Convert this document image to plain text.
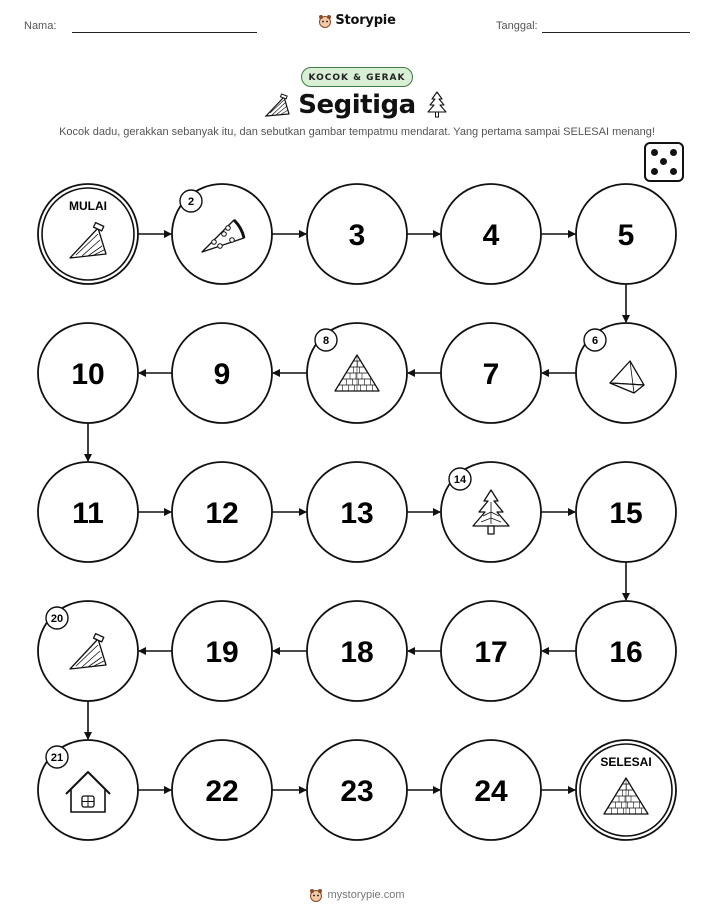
Nama:	Storypie	Tanggal:
KOCOK & GERAK
Segitiga
Kocok dadu, gerakkan sebanyak itu, dan sebutkan gambar tempatmu mendarat. Yang pertama sampai SELESAI menang!
MULAI	2
3	4	5
6
7
8
9
10
11	12	13
14
15
16
17
18
19
20
21
22	23	24
SELESAI
mystorypie.com
